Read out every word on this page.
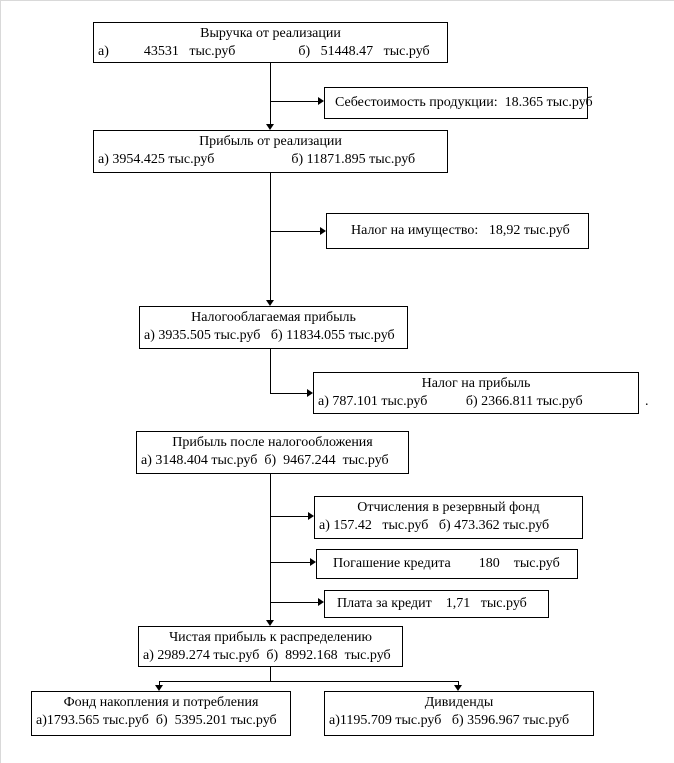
Выручка от реализации
а)          43531   тыс.руб                  б)   51448.47   тыс.руб
Себестоимость продукции:  18.365 тыс.руб
Прибыль от реализации
а) 3954.425 тыс.руб                      б) 11871.895 тыс.руб
Налог на имущество:   18,92 тыс.руб
Налогооблагаемая прибыль
а) 3935.505 тыс.руб   б) 11834.055 тыс.руб
Налог на прибыль
а) 787.101 тыс.руб           б) 2366.811 тыс.руб
Прибыль после налогообложения
а) 3148.404 тыс.руб  б)  9467.244  тыс.руб
Отчисления в резервный фонд
а) 157.42   тыс.руб   б) 473.362 тыс.руб
Погашение кредита        180    тыс.руб
Плата за кредит    1,71   тыс.руб
Чистая прибыль к распределению
а) 2989.274 тыс.руб  б)  8992.168  тыс.руб
Фонд накопления и потребления
а)1793.565 тыс.руб  б)  5395.201 тыс.руб
Дивиденды
а)1195.709 тыс.руб   б) 3596.967 тыс.руб
.
